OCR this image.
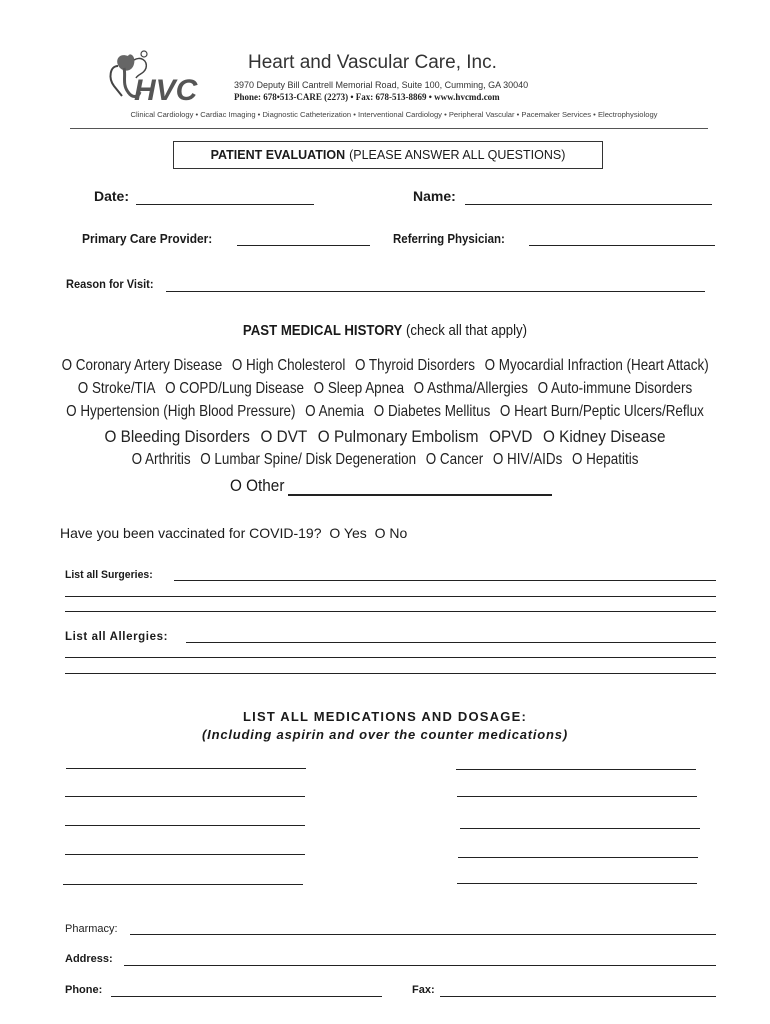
HVC
Heart and Vascular Care, Inc.
3970 Deputy Bill Cantrell Memorial Road, Suite 100, Cumming, GA 30040
Phone: 678•513-CARE (2273) • Fax: 678-513-8869 • www.hvcmd.com
Clinical Cardiology • Cardiac Imaging • Diagnostic Catheterization • Interventional Cardiology • Peripheral Vascular • Pacemaker Services • Electrophysiology
PATIENT EVALUATION (PLEASE ANSWER ALL QUESTIONS)
Date:	Name:
Primary Care Provider:	Referring Physician:
Reason for Visit:
PAST MEDICAL HISTORY (check all that apply)
O Coronary Artery Disease O High Cholesterol O Thyroid Disorders O Myocardial Infraction (Heart Attack)
O Stroke/TIA O COPD/Lung Disease O Sleep Apnea O Asthma/Allergies O Auto-immune Disorders
O Hypertension (High Blood Pressure) O Anemia O Diabetes Mellitus O Heart Burn/Peptic Ulcers/Reflux
O Bleeding Disorders O DVT O Pulmonary Embolism OPVD O Kidney Disease
O Arthritis O Lumbar Spine/ Disk Degeneration O Cancer O HIV/AIDs O Hepatitis
O Other
Have you been vaccinated for COVID-19? O Yes O No
List all Surgeries:
List all Allergies:
LIST ALL MEDICATIONS AND DOSAGE:
(Including aspirin and over the counter medications)
Pharmacy:
Address:
Phone:	Fax:
